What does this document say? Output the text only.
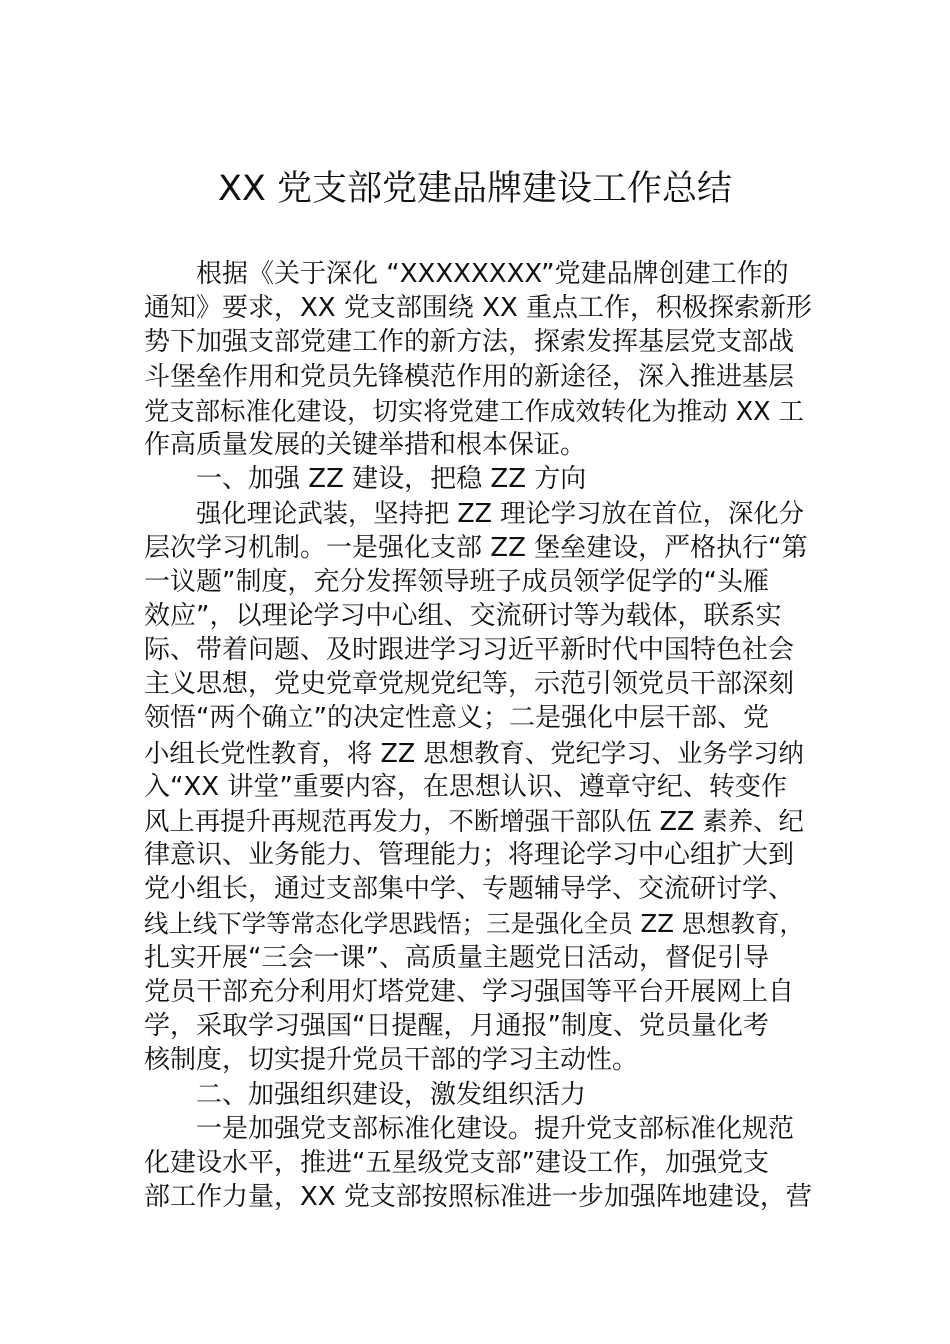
XX 党支部党建品牌建设工作总结
根据《关于深化 “XXXXXXXX”党建品牌创建工作的
通知》要求，XX 党支部围绕 XX 重点工作，积极探索新形
势下加强支部党建工作的新方法，探索发挥基层党支部战
斗堡垒作用和党员先锋模范作用的新途径，深入推进基层
党支部标准化建设，切实将党建工作成效转化为推动 XX 工
作高质量发展的关键举措和根本保证。
一、加强 ZZ 建设，把稳 ZZ 方向
强化理论武装，坚持把 ZZ 理论学习放在首位，深化分
层次学习机制。一是强化支部 ZZ 堡垒建设，严格执行“第
一议题”制度，充分发挥领导班子成员领学促学的“头雁
效应”，以理论学习中心组、交流研讨等为载体，联系实
际、带着问题、及时跟进学习习近平新时代中国特色社会
主义思想，党史党章党规党纪等，示范引领党员干部深刻
领悟“两个确立”的决定性意义；二是强化中层干部、党
小组长党性教育，将 ZZ 思想教育、党纪学习、业务学习纳
入“XX 讲堂”重要内容，在思想认识、遵章守纪、转变作
风上再提升再规范再发力，不断增强干部队伍 ZZ 素养、纪
律意识、业务能力、管理能力；将理论学习中心组扩大到
党小组长，通过支部集中学、专题辅导学、交流研讨学、
线上线下学等常态化学思践悟；三是强化全员 ZZ 思想教育，
扎实开展“三会一课”、高质量主题党日活动，督促引导
党员干部充分利用灯塔党建、学习强国等平台开展网上自
学，采取学习强国“日提醒，月通报”制度、党员量化考
核制度，切实提升党员干部的学习主动性。
二、加强组织建设，激发组织活力
一是加强党支部标准化建设。提升党支部标准化规范
化建设水平，推进“五星级党支部”建设工作，加强党支
部工作力量，XX 党支部按照标准进一步加强阵地建设，营
